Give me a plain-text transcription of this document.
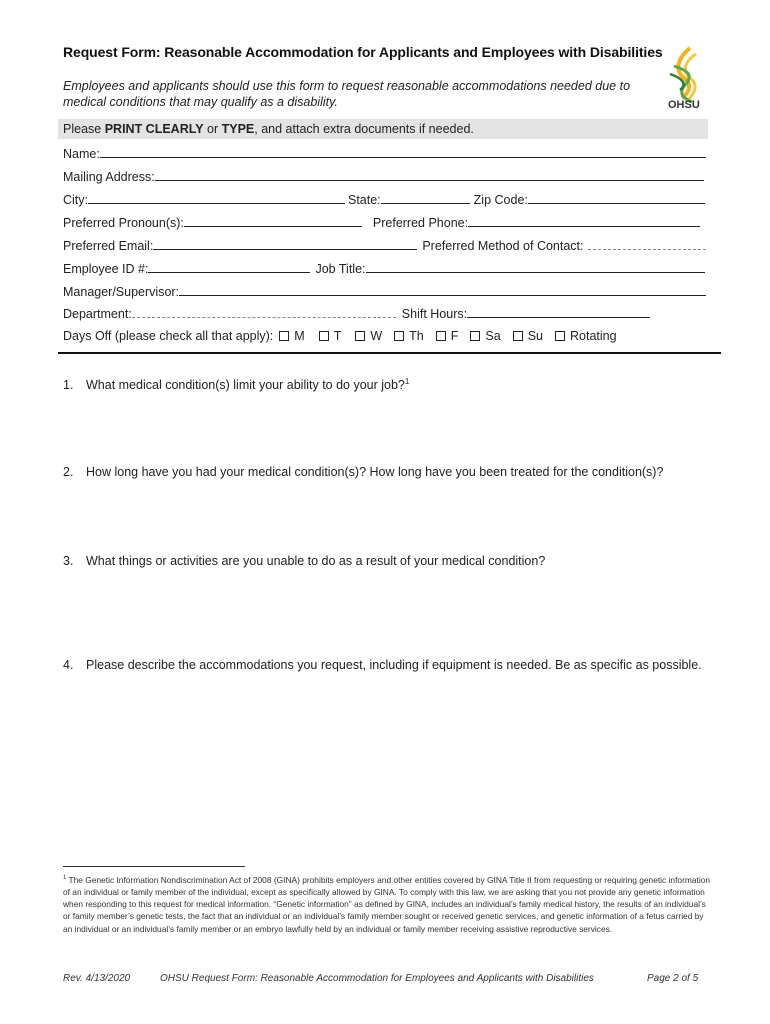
Request Form: Reasonable Accommodation for Applicants and Employees with Disabilities
Employees and applicants should use this form to request reasonable accommodations needed due to medical conditions that may qualify as a disability.	OHSU
Please PRINT CLEARLY or TYPE, and attach extra documents if needed.
Name:
Mailing Address:
City:	State:	Zip Code:
Preferred Pronoun(s):	Preferred Phone:
Preferred Email:	Preferred Method of Contact:
Employee ID #:	Job Title:
Manager/Supervisor:
Department:	Shift Hours:
Days Off (please check all that apply): M T W Th F Sa Su Rotating
1. What medical condition(s) limit your ability to do your job?$^1$
2. How long have you had your medical condition(s)? How long have you been treated for the condition(s)?
3. What things or activities are you unable to do as a result of your medical condition?
4. Please describe the accommodations you request, including if equipment is needed. Be as specific as possible.
$^1$ The Genetic Information Nondiscrimination Act of 2008 (GINA) prohibits employers and other entities covered by GINA Title II from requesting or requiring genetic information of an individual or family member of the individual, except as specifically allowed by GINA. To comply with this law, we are asking that you not provide any genetic information when responding to this request for medical information. “Genetic information” as defined by GINA, includes an individual’s family medical history, the results of an individual’s or family member’s genetic tests, the fact that an individual or an individual’s family member sought or received genetic services, and genetic information of a fetus carried by an individual or an individual’s family member or an embryo lawfully held by an individual or family member receiving assistive reproductive services.
Rev. 4/13/2020	OHSU Request Form: Reasonable Accommodation for Employees and Applicants with Disabilities	Page 2 of 5
